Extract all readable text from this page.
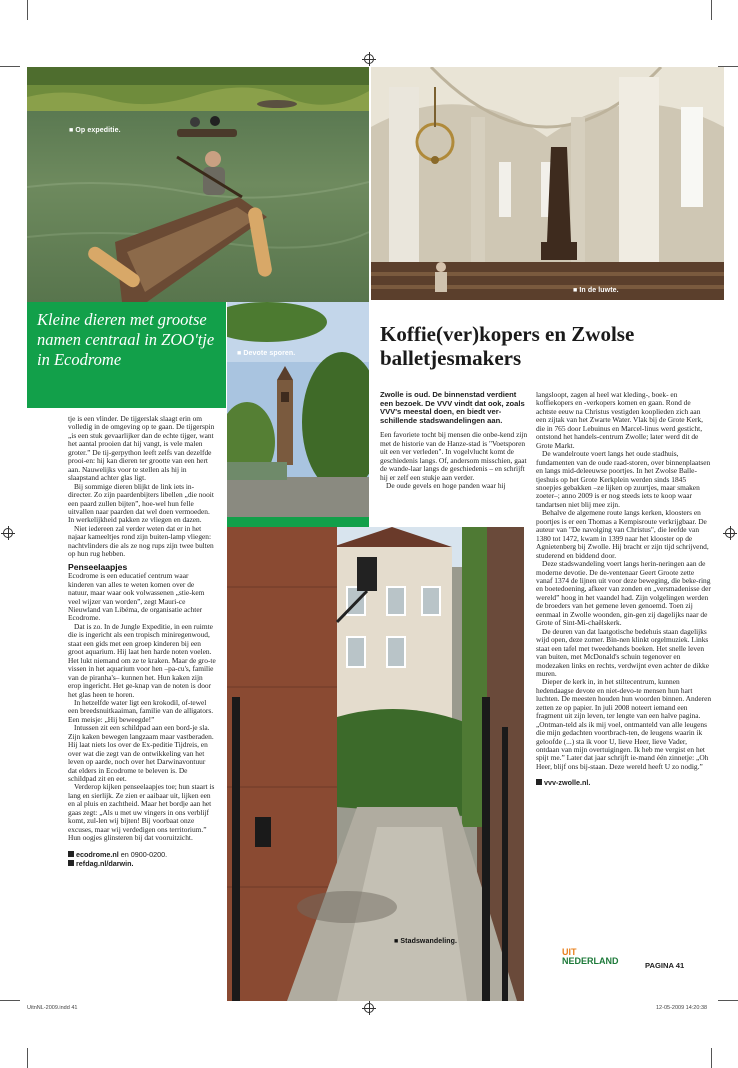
■ Op expeditie.
■ In de luwte.
■ Devote sporen.
■ Stadswandeling.
Kleine dieren met grootse namen centraal in ZOO'tje in Ecodrome

tje is een vlinder. De tijgerslak slaagt erin om volledig in de omgeving op te gaan. De tijgerspin „is een stuk gevaarlijker dan de echte tijger, want het aantal prooien dat hij vangt, is vele malen groter.” De tij-gerpython leeft zelfs van dezelfde prooi-en: hij kan dieren ter grootte van een hert aan. Nauwelijks voor te stellen als hij in slaapstand achter glas ligt.

Bij sommige dieren blijkt de link iets in-directer. Zo zijn paardenbijters libellen „die nooit een paard zullen bijten”, hoe-wel hun felle uitvallen naar paarden dat wel doen vermoeden. In werkelijkheid pakken ze vliegen en dazen.

Niet iedereen zal verder weten dat er in het najaar kameeltjes rond zijn buiten-lamp vliegen: nachtvlinders die als ze nog rups zijn twee bulten op hun rug hebben.

Penseelaapjes

Ecodrome is een educatief centrum waar kinderen van alles te weten komen over de natuur, maar waar ook volwassenen „stie-kem veel wijzer van worden”, zegt Mauri-ce Nieuwland van Libéma, de organisatie achter Ecodrome.

Dat is zo. In de Jungle Expeditie, in een ruimte die is ingericht als een tropisch miniregenwoud, staat een gids met een groep kinderen bij een groot aquarium. Hij laat hen harde noten voelen. Het lukt niemand om ze te kraken. Maar de gro-te vissen in het aquarium voor hen –pa-cu's, familie van de piranha's– kunnen het. Hun kaken zijn erop ingericht. Het ge-knap van de noten is door het glas heen te horen.

In hetzelfde water ligt een krokodil, of-tewel een breedsnuitkaaiman, familie van de alligators. Een meisje: „Hij beweegde!”

Intussen zit een schildpad aan een bord-je sla. Zijn kaken bewegen langzaam maar vastberaden. Hij laat niets los over de Ex-peditie Tijdreis, en over wat die zegt van de ontwikkeling van het leven op aarde, noch over het Darwinavontuur dat elders in Ecodrome te beleven is. De schildpad zit en eet.

Verderop kijken penseelaapjes toe; hun staart is lang en sierlijk. Ze zien er aaibaar uit, lijken een en al pluis en zachtheid. Maar het bordje aan het gaas zegt: „Als u met uw vingers in ons verblijf komt, zul-len wij bijten! Bij voorbaat onze excuses, maar wij verdedigen ons territorium.” Hun oogjes glinsteren bij dat vooruitzicht.

ecodrome.nl en 0900-0200.

refdag.nl/darwin.

Koffie(ver)kopers en Zwolse balletjesmakers

Zwolle is oud. De binnenstad verdient een bezoek. De VVV vindt dat ook, zoals VVV's meestal doen, en biedt ver-schillende stadswandelingen aan.

Een favoriete tocht bij mensen die onbe-kend zijn met de historie van de Hanze-stad is "Voetsporen uit een ver verleden". In vogelvlucht komt de geschiedenis langs. Of, andersom misschien, gaat de wande-laar langs de geschiedenis – en schrijft hij er zelf een stukje aan verder.

De oude gevels en hoge panden waar hij

langsloopt, zagen al heel wat kleding-, boek- en koffiekopers en -verkopers komen en gaan. Rond de achtste eeuw na Christus vestigden kooplieden zich aan een zijtak van het Zwarte Water. Vlak bij de Grote Kerk, die in 765 door Lebuinus en Marcel-linus werd gesticht, ontstond het handels-centrum Zwolle; later werd dit de Grote Markt.

De wandelroute voert langs het oude stadhuis, fundamenten van de oude raad-storen, over binnenplaatsen en langs mid-deleeuwse poortjes. In het Zwolse Balle-tjeshuis op het Grote Kerkplein werden sinds 1845 snoepjes gebakken –ze lijken op zuurtjes, maar smaken zoeter–; anno 2009 is er nog steeds iets te koop waar tandartsen niet blij mee zijn.

Behalve de algemene route langs kerken, kloosters en poortjes is er een Thomas a Kempisroute verkrijgbaar. De auteur van "De navolging van Christus", die leefde van 1380 tot 1472, kwam in 1399 naar het klooster op de Agnietenberg bij Zwolle. Hij bracht er zijn tijd schrijvend, studerend en biddend door.

Deze stadswandeling voert langs herin-neringen aan de moderne devotie. De de-ventenaar Geert Groote zette vanaf 1374 de lijnen uit voor deze beweging, die beke-ring en boetedoening, afkeer van zonden en „versmadenisse der wereld” hoog in het vaandel had. Zijn volgelingen werden de broeders van het gemene leven genoemd. Toen zij eenmaal in Zwolle woonden, gin-gen zij dagelijks naar de Grote of Sint-Mi-chaëlskerk.

De deuren van dat laatgotische bedehuis staan dagelijks wijd open, deze zomer. Bin-nen klinkt orgelmuziek. Links staat een tafel met tweedehands boeken. Het snelle leven van buiten, met McDonald's schuin tegenover en modezaken links en rechts, verdwijnt even achter de dikke muren.

Dieper de kerk in, in het stiltecentrum, kunnen hedendaagse devote en niet-devo-te mensen hun hart luchten. De meesten houden hun woorden binnen. Anderen zetten ze op papier. In juli 2008 noteert iemand een fragment uit zijn leven, ter lengte van een halve pagina. „Ontman-teld als ik mij voel, ontmanteld van alle leugens die mijn gedachten voortbrach-ten, de leugens waarin ik geloofde (...) sta ik voor U, lieve Heer, lieve Vader, ontdaan van mijn overtuigingen. Ik heb me vergist en het spijt me.” Later dat jaar schrijft ie-mand één zinnetje: „Oh Heer, blijf ons bij-staan. Deze wereld heeft U zo nodig.”

vvv-zwolle.nl.

UIT
NEDERLAND	PAGINA 41
UitnNL-2009.indd 41	12-05-2009 14:20:38
